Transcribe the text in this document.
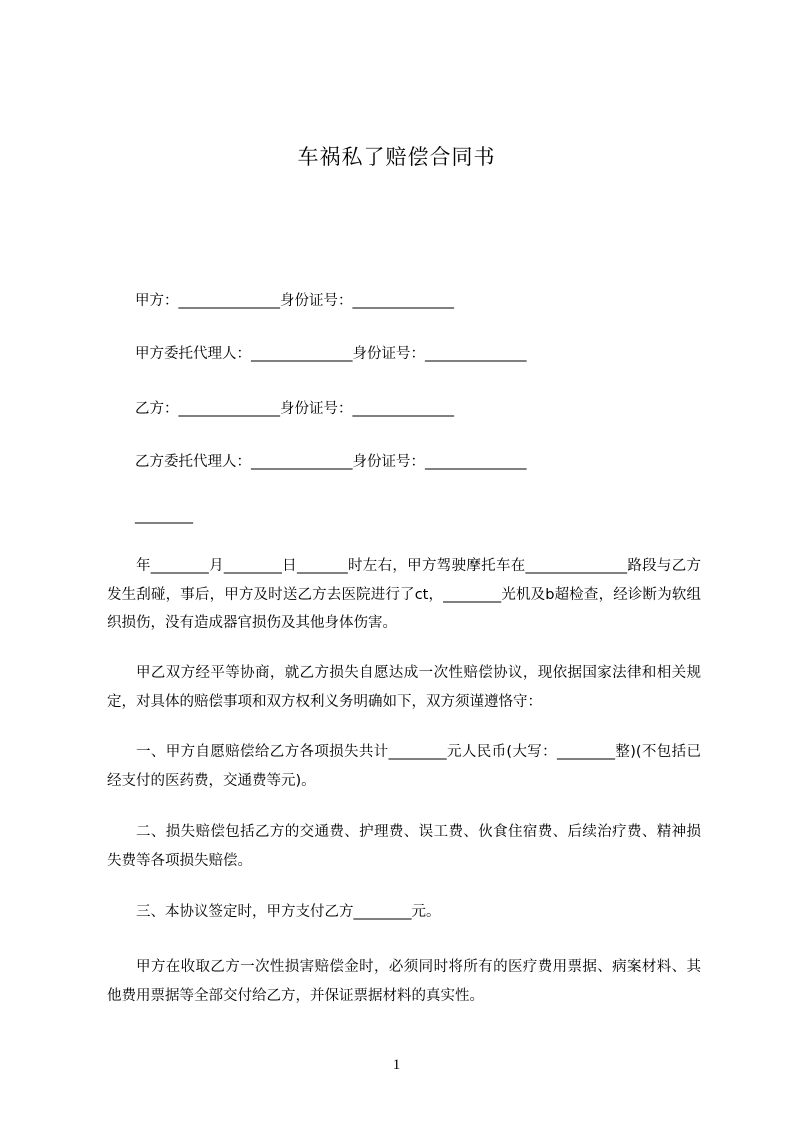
车祸私了赔偿合同书
甲方：______________身份证号：______________
甲方委托代理人：______________身份证号：______________
乙方：______________身份证号：______________
乙方委托代理人：______________身份证号：______________
________
年________月________日_______时左右，甲方驾驶摩托车在______________路段与乙方发生刮碰，事后，甲方及时送乙方去医院进行了ct，________光机及b超检查，经诊断为软组织损伤，没有造成器官损伤及其他身体伤害。
甲乙双方经平等协商，就乙方损失自愿达成一次性赔偿协议，现依据国家法律和相关规定，对具体的赔偿事项和双方权利义务明确如下，双方须谨遵恪守：
一、甲方自愿赔偿给乙方各项损失共计________元人民币(大写：________整)(不包括已经支付的医药费，交通费等元)。
二、损失赔偿包括乙方的交通费、护理费、误工费、伙食住宿费、后续治疗费、精神损失费等各项损失赔偿。
三、本协议签定时，甲方支付乙方________元。
甲方在收取乙方一次性损害赔偿金时，必须同时将所有的医疗费用票据、病案材料、其他费用票据等全部交付给乙方，并保证票据材料的真实性。
1
